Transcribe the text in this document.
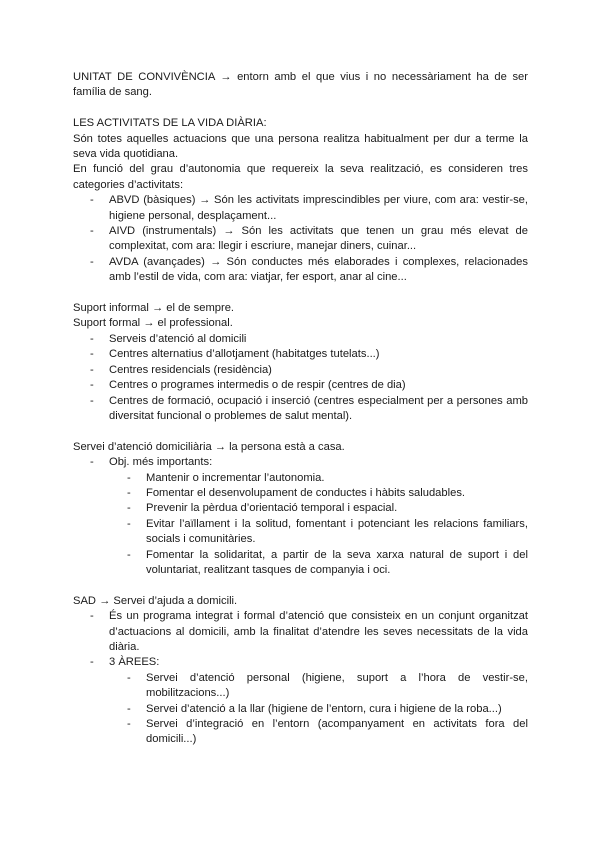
UNITAT DE CONVIVÈNCIA → entorn amb el que vius i no necessàriament ha de ser família de sang.

LES ACTIVITATS DE LA VIDA DIÀRIA:

Són totes aquelles actuacions que una persona realitza habitualment per dur a terme la seva vida quotidiana.

En funció del grau d’autonomia que requereix la seva realització, es consideren tres categories d’activitats:

- ABVD (bàsiques) → Són les activitats imprescindibles per viure, com ara: vestir-se, higiene personal, desplaçament...
- AIVD (instrumentals) → Són les activitats que tenen un grau més elevat de complexitat, com ara: llegir i escriure, manejar diners, cuinar...
- AVDA (avançades) → Són conductes més elaborades i complexes, relacionades amb l’estil de vida, com ara: viatjar, fer esport, anar al cine...

Suport informal → el de sempre.

Suport formal → el professional.

- Serveis d’atenció al domicili
- Centres alternatius d’allotjament (habitatges tutelats...)
- Centres residencials (residència)
- Centres o programes intermedis o de respir (centres de dia)
- Centres de formació, ocupació i inserció (centres especialment per a persones amb diversitat funcional o problemes de salut mental).

Servei d’atenció domiciliària → la persona està a casa.

- Obj. més importants:
- Mantenir o incrementar l’autonomia.
- Fomentar el desenvolupament de conductes i hàbits saludables.
- Prevenir la pèrdua d’orientació temporal i espacial.
- Evitar l’aïllament i la solitud, fomentant i potenciant les relacions familiars, socials i comunitàries.
- Fomentar la solidaritat, a partir de la seva xarxa natural de suport i del voluntariat, realitzant tasques de companyia i oci.

SAD → Servei d’ajuda a domicili.

- És un programa integrat i formal d’atenció que consisteix en un conjunt organitzat d’actuacions al domicili, amb la finalitat d’atendre les seves necessitats de la vida diària.
- 3 ÀREES:
- Servei d’atenció personal (higiene, suport a l’hora de vestir-se, mobilitzacions...)
- Servei d’atenció a la llar (higiene de l’entorn, cura i higiene de la roba...)
- Servei d’integració en l’entorn (acompanyament en activitats fora del domicili...)
